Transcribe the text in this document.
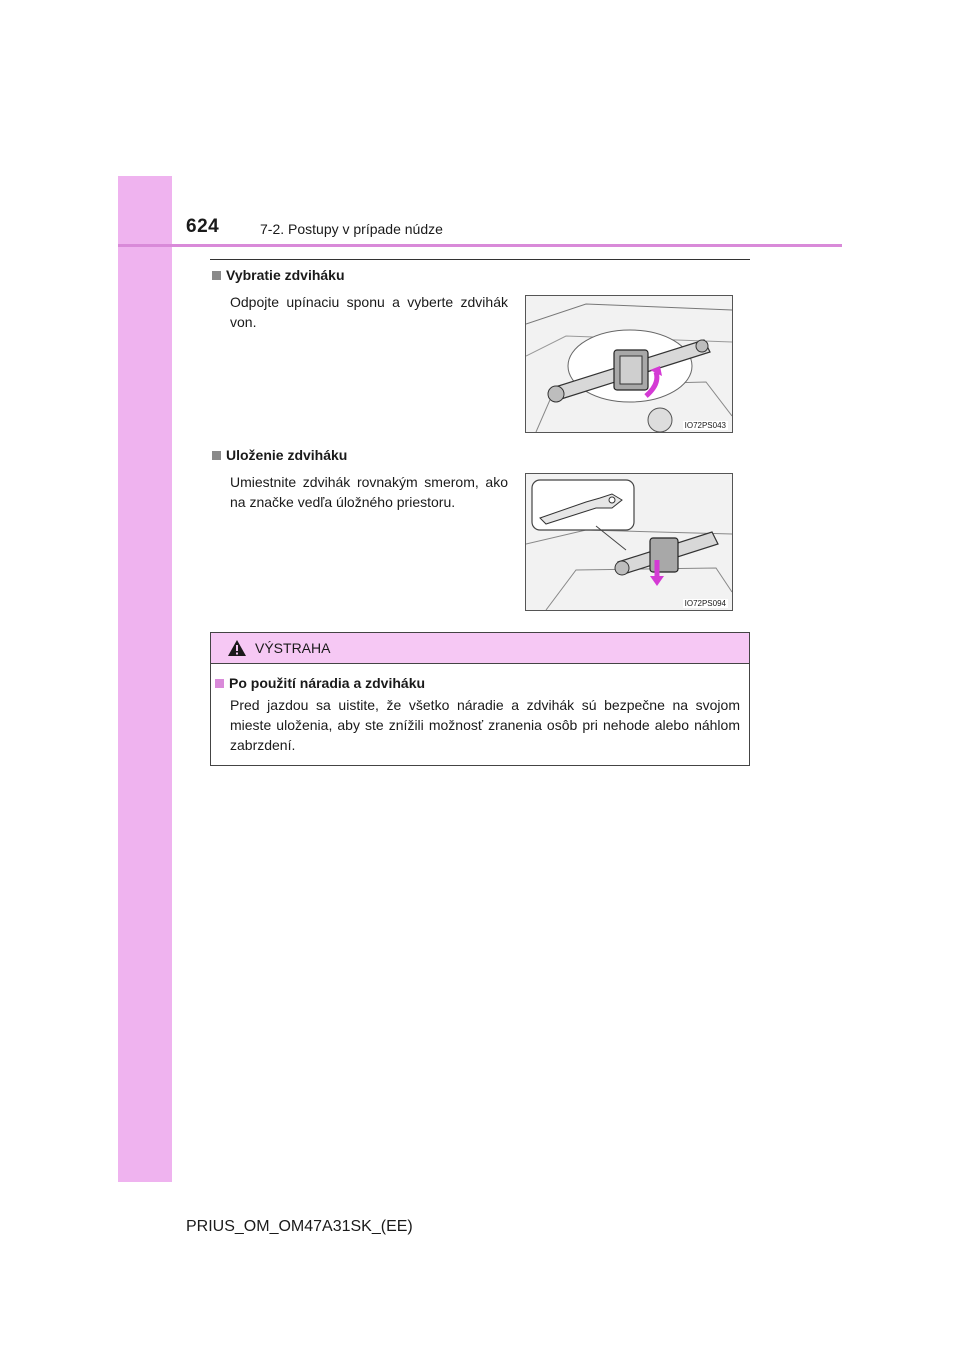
624	7-2. Postupy v prípade núdze
Vybratie zdviháku
Odpojte upínaciu sponu a vyberte zdvihák von.
IO72PS043
Uloženie zdviháku
Umiestnite zdvihák rovnakým smerom, ako na značke vedľa úložného priestoru.
IO72PS094
VÝSTRAHA
Po použití náradia a zdviháku
Pred jazdou sa uistite, že všetko náradie a zdvihák sú bezpečne na svojom mieste uloženia, aby ste znížili možnosť zranenia osôb pri nehode alebo náhlom zabrzdení.
PRIUS_OM_OM47A31SK_(EE)
